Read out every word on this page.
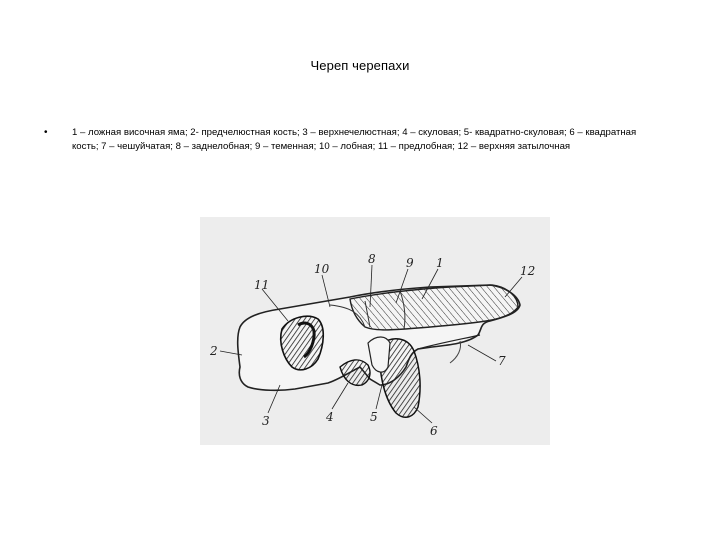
Череп черепахи
•	1 – ложная височная яма; 2- предчелюстная кость; 3 – верхнечелюстная; 4 – скуловая; 5- квадратно-скуловая; 6 – квадратная кость; 7 – чешуйчатая; 8 – заднелобная; 9 – теменная; 10 – лобная; 11 – предлобная; 12 – верхняя затылочная
11
10
8	9 1
12
2
7
3	4	5
6
